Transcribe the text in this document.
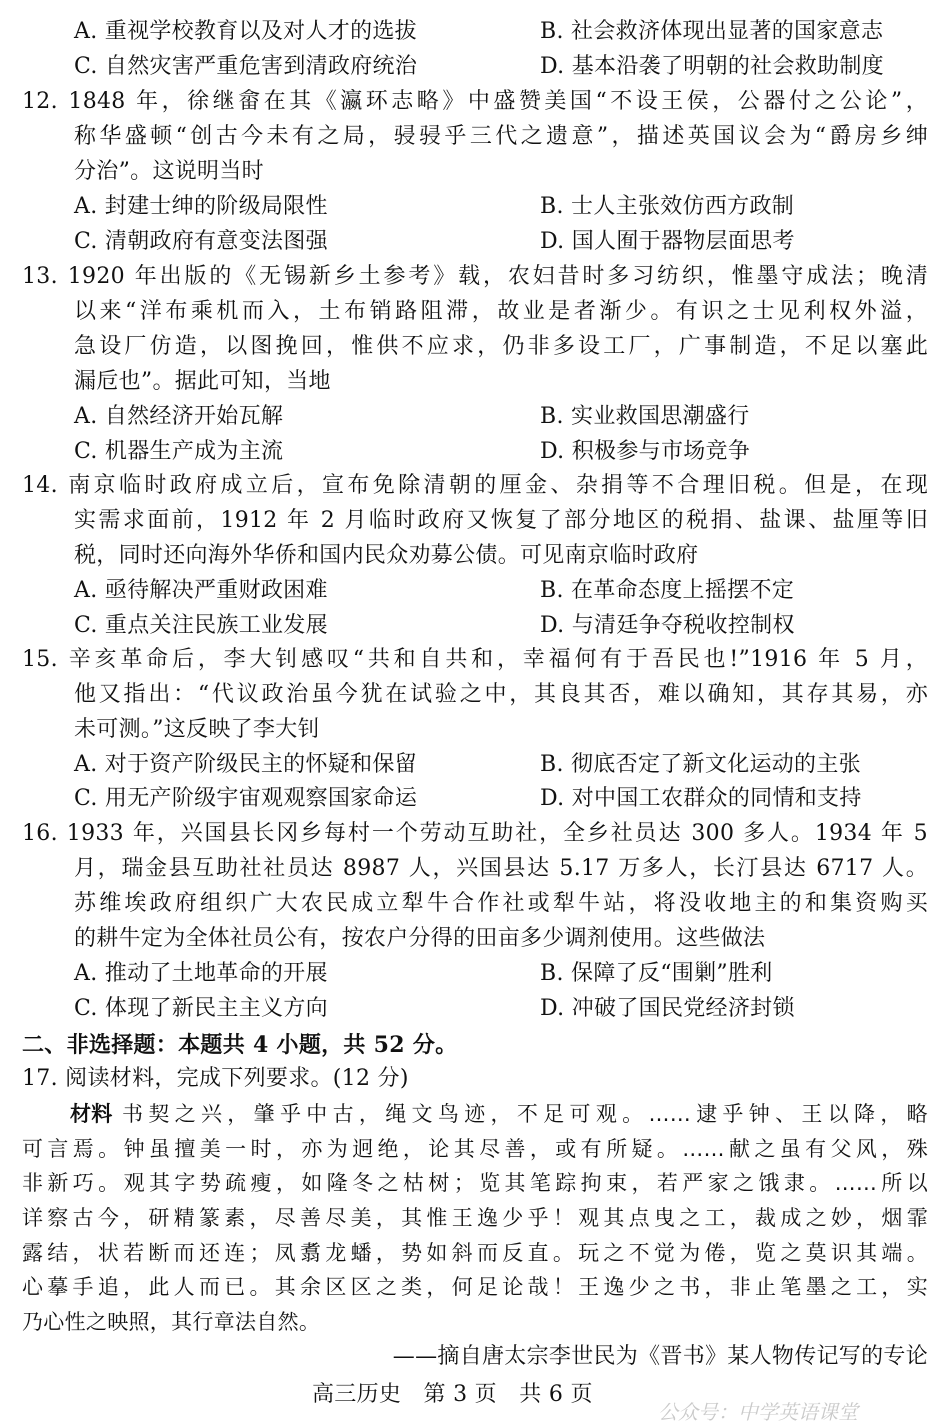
A. 重视学校教育以及对人才的选拔	B. 社会救济体现出显著的国家意志
C. 自然灾害严重危害到清政府统治	D. 基本沿袭了明朝的社会救助制度
12. 1848 年，徐继畲在其《瀛环志略》中盛赞美国“不设王侯，公器付之公论”，
称华盛顿“创古今未有之局，骎骎乎三代之遗意”，描述英国议会为“爵房乡绅
分治”。这说明当时
A. 封建士绅的阶级局限性	B. 士人主张效仿西方政制
C. 清朝政府有意变法图强	D. 国人囿于器物层面思考
13. 1920 年出版的《无锡新乡土参考》载，农妇昔时多习纺织，惟墨守成法；晚清
以来“洋布乘机而入，土布销路阻滞，故业是者渐少。有识之士见利权外溢，
急设厂仿造，以图挽回，惟供不应求，仍非多设工厂，广事制造，不足以塞此
漏卮也”。据此可知，当地
A. 自然经济开始瓦解	B. 实业救国思潮盛行
C. 机器生产成为主流	D. 积极参与市场竞争
14. 南京临时政府成立后，宣布免除清朝的厘金、杂捐等不合理旧税。但是，在现
实需求面前，1912 年 2 月临时政府又恢复了部分地区的税捐、盐课、盐厘等旧
税，同时还向海外华侨和国内民众劝募公债。可见南京临时政府
A. 亟待解决严重财政困难	B. 在革命态度上摇摆不定
C. 重点关注民族工业发展	D. 与清廷争夺税收控制权
15. 辛亥革命后，李大钊感叹“共和自共和，幸福何有于吾民也!”1916 年 5 月，
他又指出：“代议政治虽今犹在试验之中，其良其否，难以确知，其存其易，亦
未可测。”这反映了李大钊
A. 对于资产阶级民主的怀疑和保留	B. 彻底否定了新文化运动的主张
C. 用无产阶级宇宙观观察国家命运	D. 对中国工农群众的同情和支持
16. 1933 年，兴国县长冈乡每村一个劳动互助社，全乡社员达 300 多人。1934 年 5
月，瑞金县互助社社员达 8987 人，兴国县达 5.17 万多人，长汀县达 6717 人。
苏维埃政府组织广大农民成立犁牛合作社或犁牛站，将没收地主的和集资购买
的耕牛定为全体社员公有，按农户分得的田亩多少调剂使用。这些做法
A. 推动了土地革命的开展	B. 保障了反“围剿”胜利
C. 体现了新民主主义方向	D. 冲破了国民党经济封锁
二、非选择题：本题共 4 小题，共 52 分。
17. 阅读材料，完成下列要求。(12 分)
材料 书契之兴，肇乎中古，绳文鸟迹，不足可观。……逮乎钟、王以降，略
可言焉。钟虽擅美一时，亦为迥绝，论其尽善，或有所疑。……献之虽有父风，殊
非新巧。观其字势疏瘦，如隆冬之枯树；览其笔踪拘束，若严家之饿隶。……所以
详察古今，研精篆素，尽善尽美，其惟王逸少乎！观其点曳之工，裁成之妙，烟霏
露结，状若断而还连；凤翥龙蟠，势如斜而反直。玩之不觉为倦，览之莫识其端。
心摹手追，此人而已。其余区区之类，何足论哉！王逸少之书，非止笔墨之工，实
乃心性之映照，其行章法自然。
——摘自唐太宗李世民为《晋书》某人物传记写的专论
高三历史　第 3 页　共 6 页
公众号：中学英语课堂
